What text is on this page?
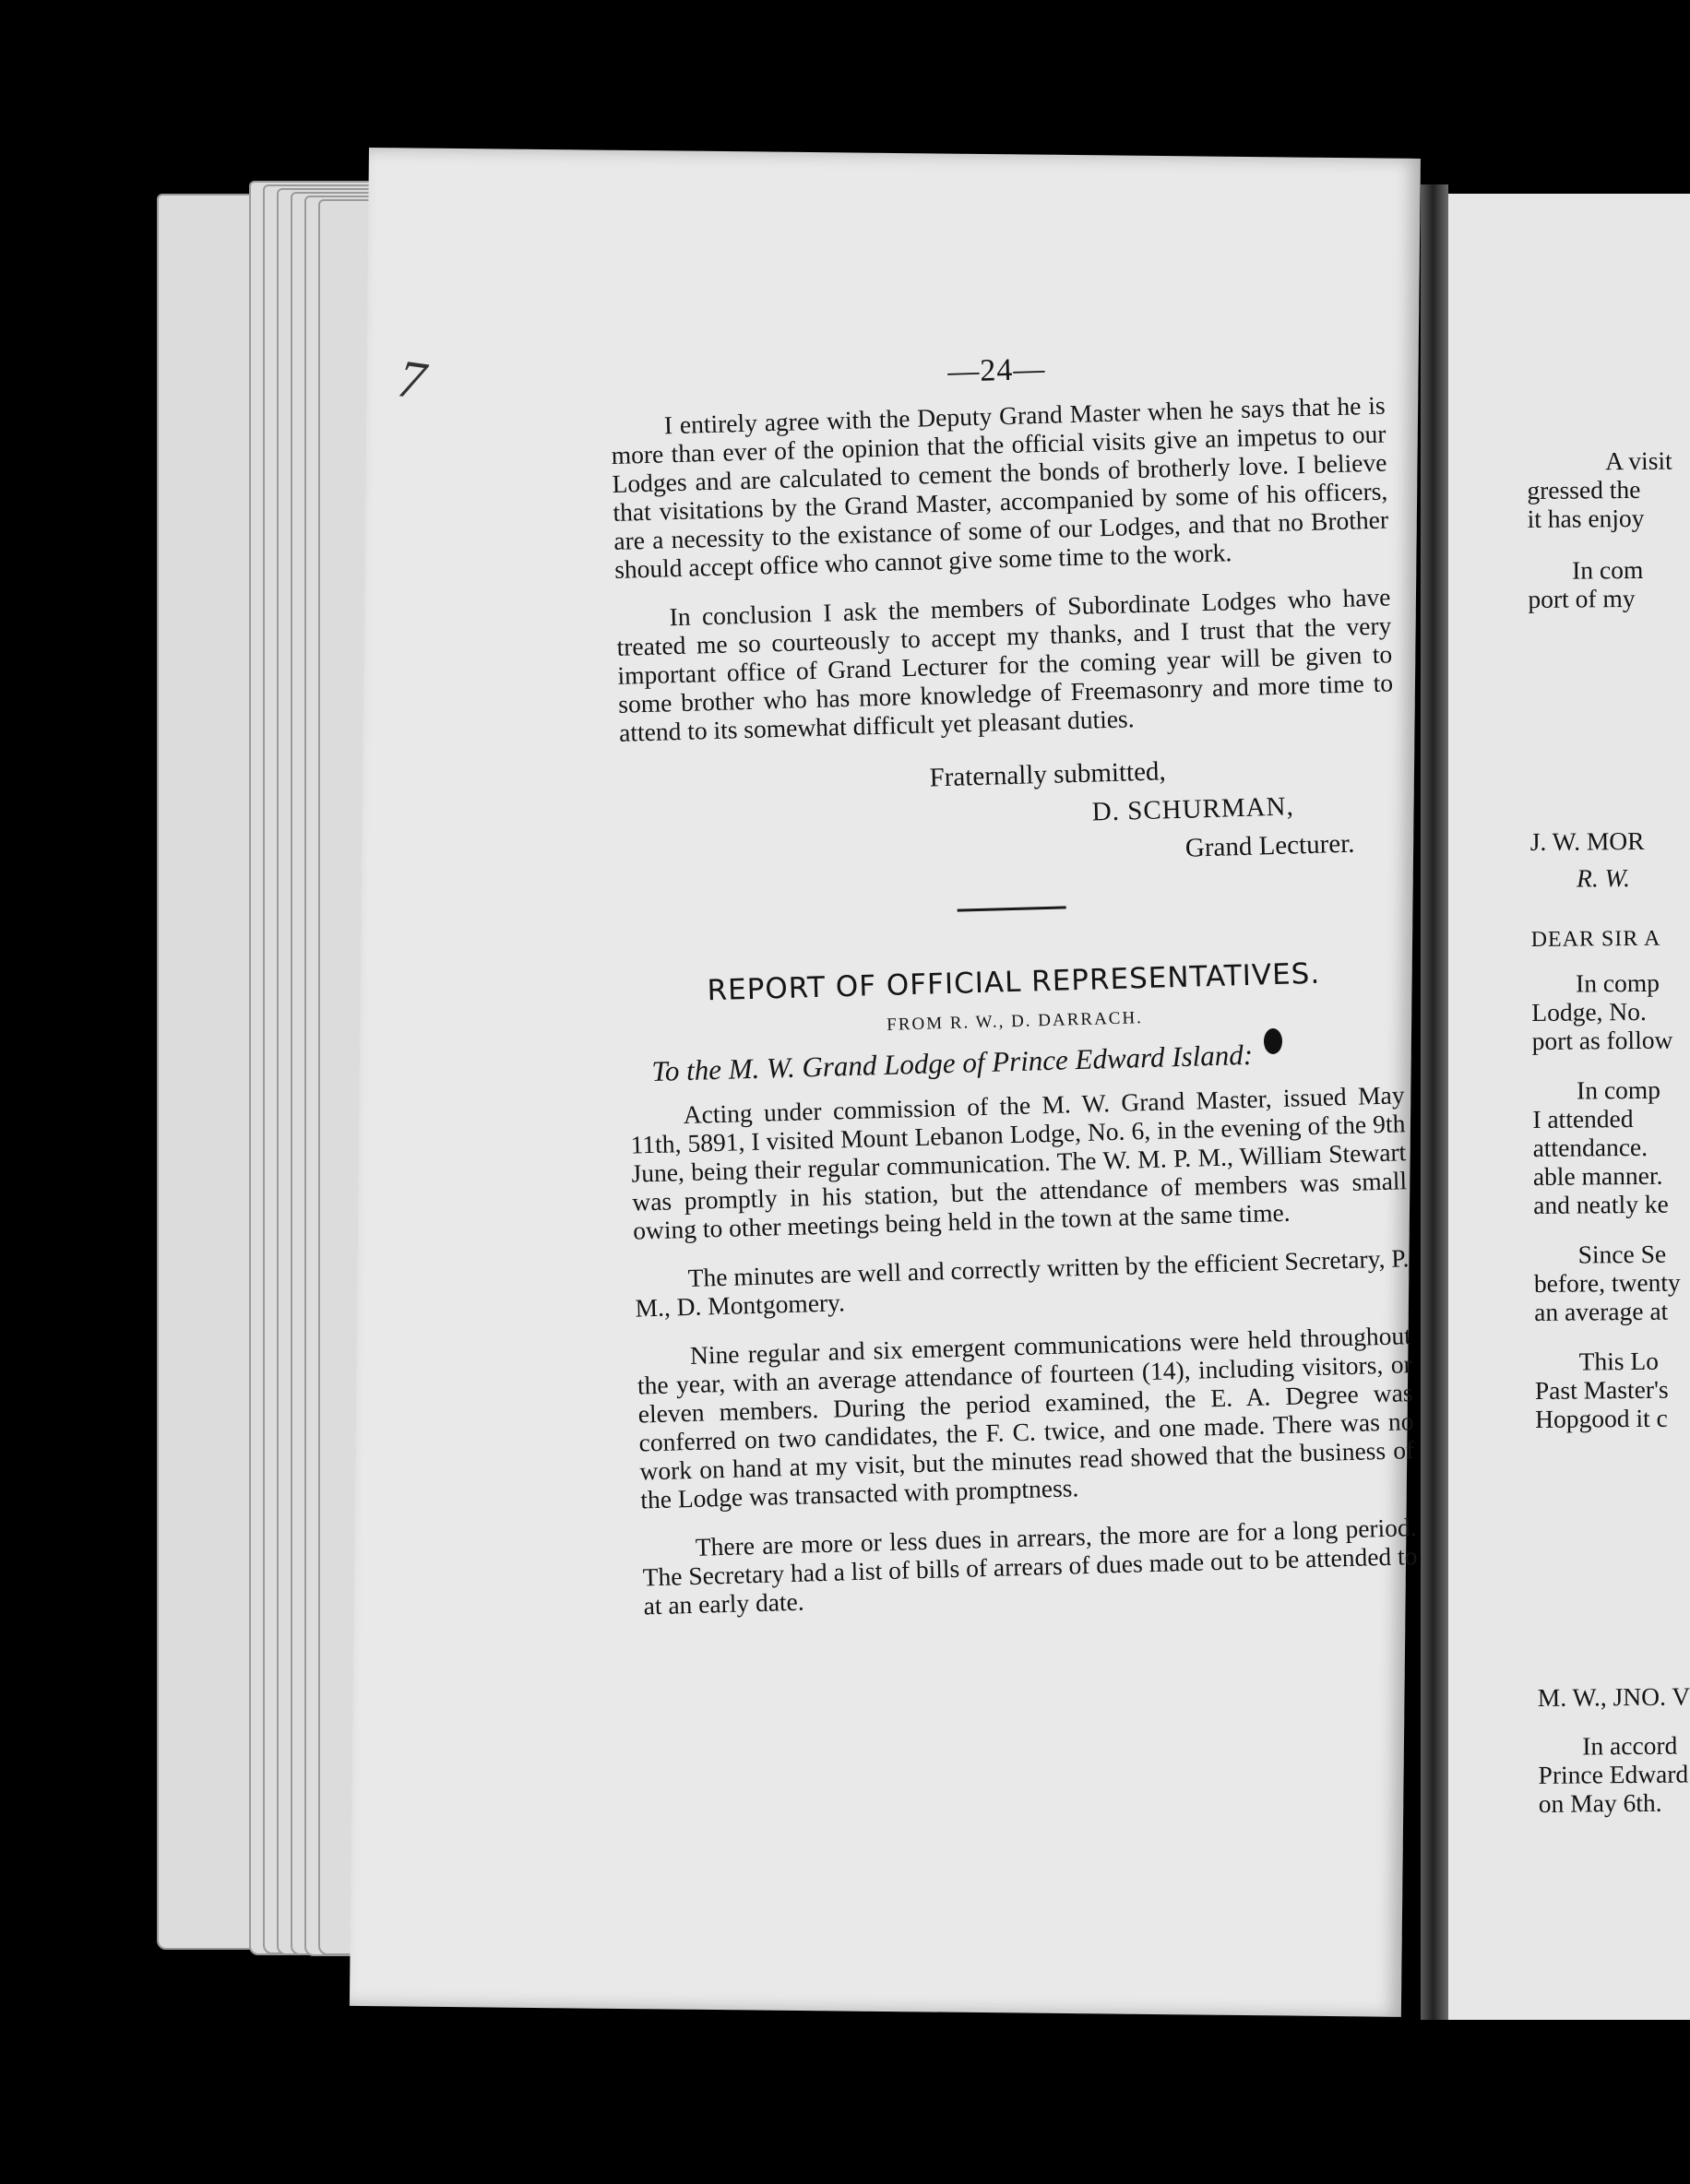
7	—24—

I entirely agree with the Deputy Grand Master when he says that he is more than ever of the opinion that the official visits give an impetus to our Lodges and are calculated to cement the bonds of brotherly love. I believe that visitations by the Grand Master, accompanied by some of his officers, are a necessity to the existance of some of our Lodges, and that no Brother should accept office who cannot give some time to the work.

In conclusion I ask the members of Subordinate Lodges who have treated me so courteously to accept my thanks, and I trust that the very important office of Grand Lecturer for the coming year will be given to some brother who has more knowledge of Freemasonry and more time to attend to its somewhat difficult yet pleasant duties.

Fraternally submitted,
D. SCHURMAN,
Grand Lecturer.
REPORT OF OFFICIAL REPRESENTATIVES.
FROM R. W., D. DARRACH.
To the M. W. Grand Lodge of Prince Edward Island:

Acting under commission of the M. W. Grand Master, issued May 11th, 5891, I visited Mount Lebanon Lodge, No. 6, in the evening of the 9th June, being their regular communication. The W. M. P. M., William Stewart was promptly in his station, but the attendance of members was small owing to other meetings being held in the town at the same time.

The minutes are well and correctly written by the efficient Secretary, P. M., D. Montgomery.

Nine regular and six emergent communications were held throughout the year, with an average attendance of fourteen (14), including visitors, or eleven members. During the period examined, the E. A. Degree was conferred on two candidates, the F. C. twice, and one made. There was no work on hand at my visit, but the minutes read showed that the business of the Lodge was transacted with promptness.

There are more or less dues in arrears, the more are for a long period. The Secretary had a list of bills of arrears of dues made out to be attended to at an early date.

A visit
gressed the
it has enjoy
In com
port of my
J. W. MOR
R. W.
DEAR SIR A
In comp
Lodge, No.
port as follow
In comp
I attended
attendance.
able manner.
and neatly ke
Since Se
before, twenty
an average at
This Lo
Past Master's
Hopgood it c
M. W., JNO. V
In accord
Prince Edward
on May 6th.
